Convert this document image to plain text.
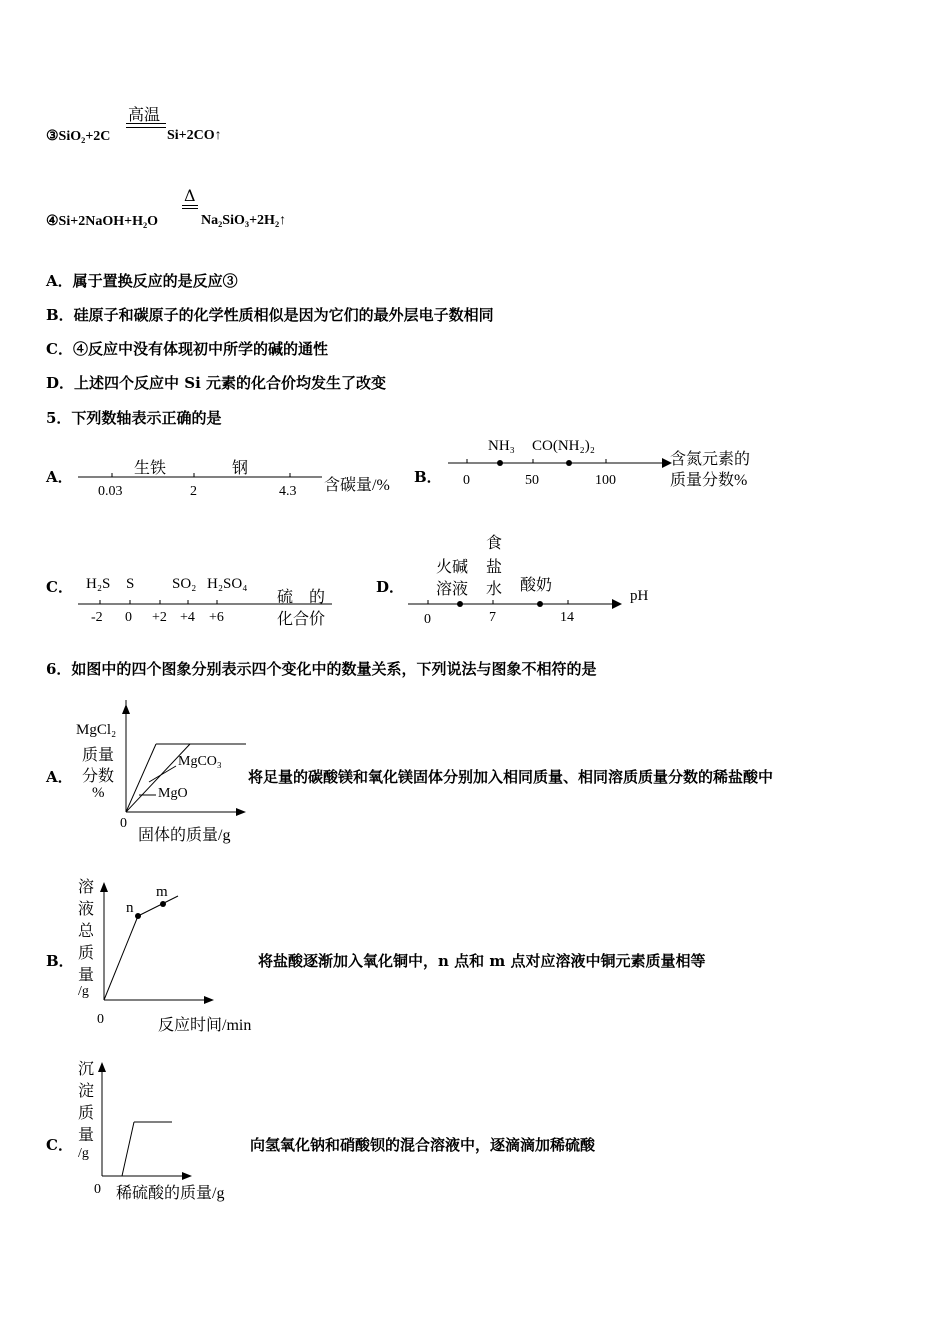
高温
③SiO₂+2C	Si+2CO↑
Δ
④Si+2NaOH+H₂O	Na₂SiO₃+2H₂↑
A．属于置换反应的是反应③
B．硅原子和碳原子的化学性质相似是因为它们的最外层电子数相同
C．④反应中没有体现初中所学的碱的通性
D．上述四个反应中 Si 元素的化合价均发生了改变
5．下列数轴表示正确的是
A．	生铁	钢
0.03	2	4.3 含碳量/% B．
NH₃ CO(NH₂)₂
0	50	100
含氮元素的
质量分数%
C． H₂S S	SO₂ H₂SO₄
-2 0 +2 +4 +6
硫　的
化合价
D．
火碱
溶液
食
盐
水 酸奶
0	7	14
pH
6．如图中的四个图象分别表示四个变化中的数量关系，下列说法与图象不相符的是
A．
MgCl₂
质量
分数
%
MgCO₃
MgO
0
固体的质量/g
将足量的碳酸镁和氧化镁固体分别加入相同质量、相同溶质质量分数的稀盐酸中
B．
溶
液
总
质
量
/g
n
m
0	反应时间/min
将盐酸逐渐加入氧化铜中，n 点和 m 点对应溶液中铜元素质量相等
C．
沉
淀
质
量
/g
0 稀硫酸的质量/g
向氢氧化钠和硝酸钡的混合溶液中，逐滴滴加稀硫酸
